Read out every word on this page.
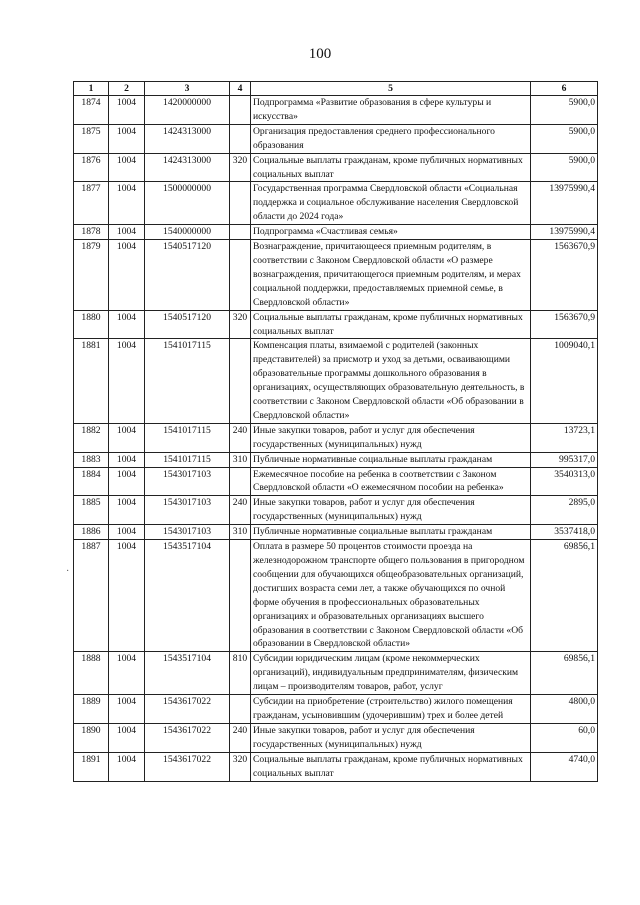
100
·
1	2	3	4	5	6
1874	1004	1420000000		Подпрограмма «Развитие образования в сфере культуры и искусства»	5900,0
1875	1004	1424313000		Организация предоставления среднего профессионального образования	5900,0
1876	1004	1424313000	320	Социальные выплаты гражданам, кроме публичных нормативных социальных выплат	5900,0
1877	1004	1500000000		Государственная программа Свердловской области «Социальная поддержка и социальное обслуживание населения Свердловской области до 2024 года»	13975990,4
1878	1004	1540000000		Подпрограмма «Счастливая семья»	13975990,4
1879	1004	1540517120		Вознаграждение, причитающееся приемным родителям, в соответствии с Законом Свердловской области «О размере вознаграждения, причитающегося приемным родителям, и мерах социальной поддержки, предоставляемых приемной семье, в Свердловской области»	1563670,9
1880	1004	1540517120	320	Социальные выплаты гражданам, кроме публичных нормативных социальных выплат	1563670,9
1881	1004	1541017115		Компенсация платы, взимаемой с родителей (законных представителей) за присмотр и уход за детьми, осваивающими образовательные программы дошкольного образования в организациях, осуществляющих образовательную деятельность, в соответствии с Законом Свердловской области «Об образовании в Свердловской области»	1009040,1
1882	1004	1541017115	240	Иные закупки товаров, работ и услуг для обеспечения государственных (муниципальных) нужд	13723,1
1883	1004	1541017115	310	Публичные нормативные социальные выплаты гражданам	995317,0
1884	1004	1543017103		Ежемесячное пособие на ребенка в соответствии с Законом Свердловской области «О ежемесячном пособии на ребенка»	3540313,0
1885	1004	1543017103	240	Иные закупки товаров, работ и услуг для обеспечения государственных (муниципальных) нужд	2895,0
1886	1004	1543017103	310	Публичные нормативные социальные выплаты гражданам	3537418,0
1887	1004	1543517104		Оплата в размере 50 процентов стоимости проезда на железнодорожном транспорте общего пользования в пригородном сообщении для обучающихся общеобразовательных организаций, достигших возраста семи лет, а также обучающихся по очной форме обучения в профессиональных образовательных организациях и образовательных организациях высшего образования в соответствии с Законом Свердловской области «Об образовании в Свердловской области»	69856,1
1888	1004	1543517104	810	Субсидии юридическим лицам (кроме некоммерческих организаций), индивидуальным предпринимателям, физическим лицам – производителям товаров, работ, услуг	69856,1
1889	1004	1543617022		Субсидии на приобретение (строительство) жилого помещения гражданам, усыновившим (удочерившим) трех и более детей	4800,0
1890	1004	1543617022	240	Иные закупки товаров, работ и услуг для обеспечения государственных (муниципальных) нужд	60,0
1891	1004	1543617022	320	Социальные выплаты гражданам, кроме публичных нормативных социальных выплат	4740,0
